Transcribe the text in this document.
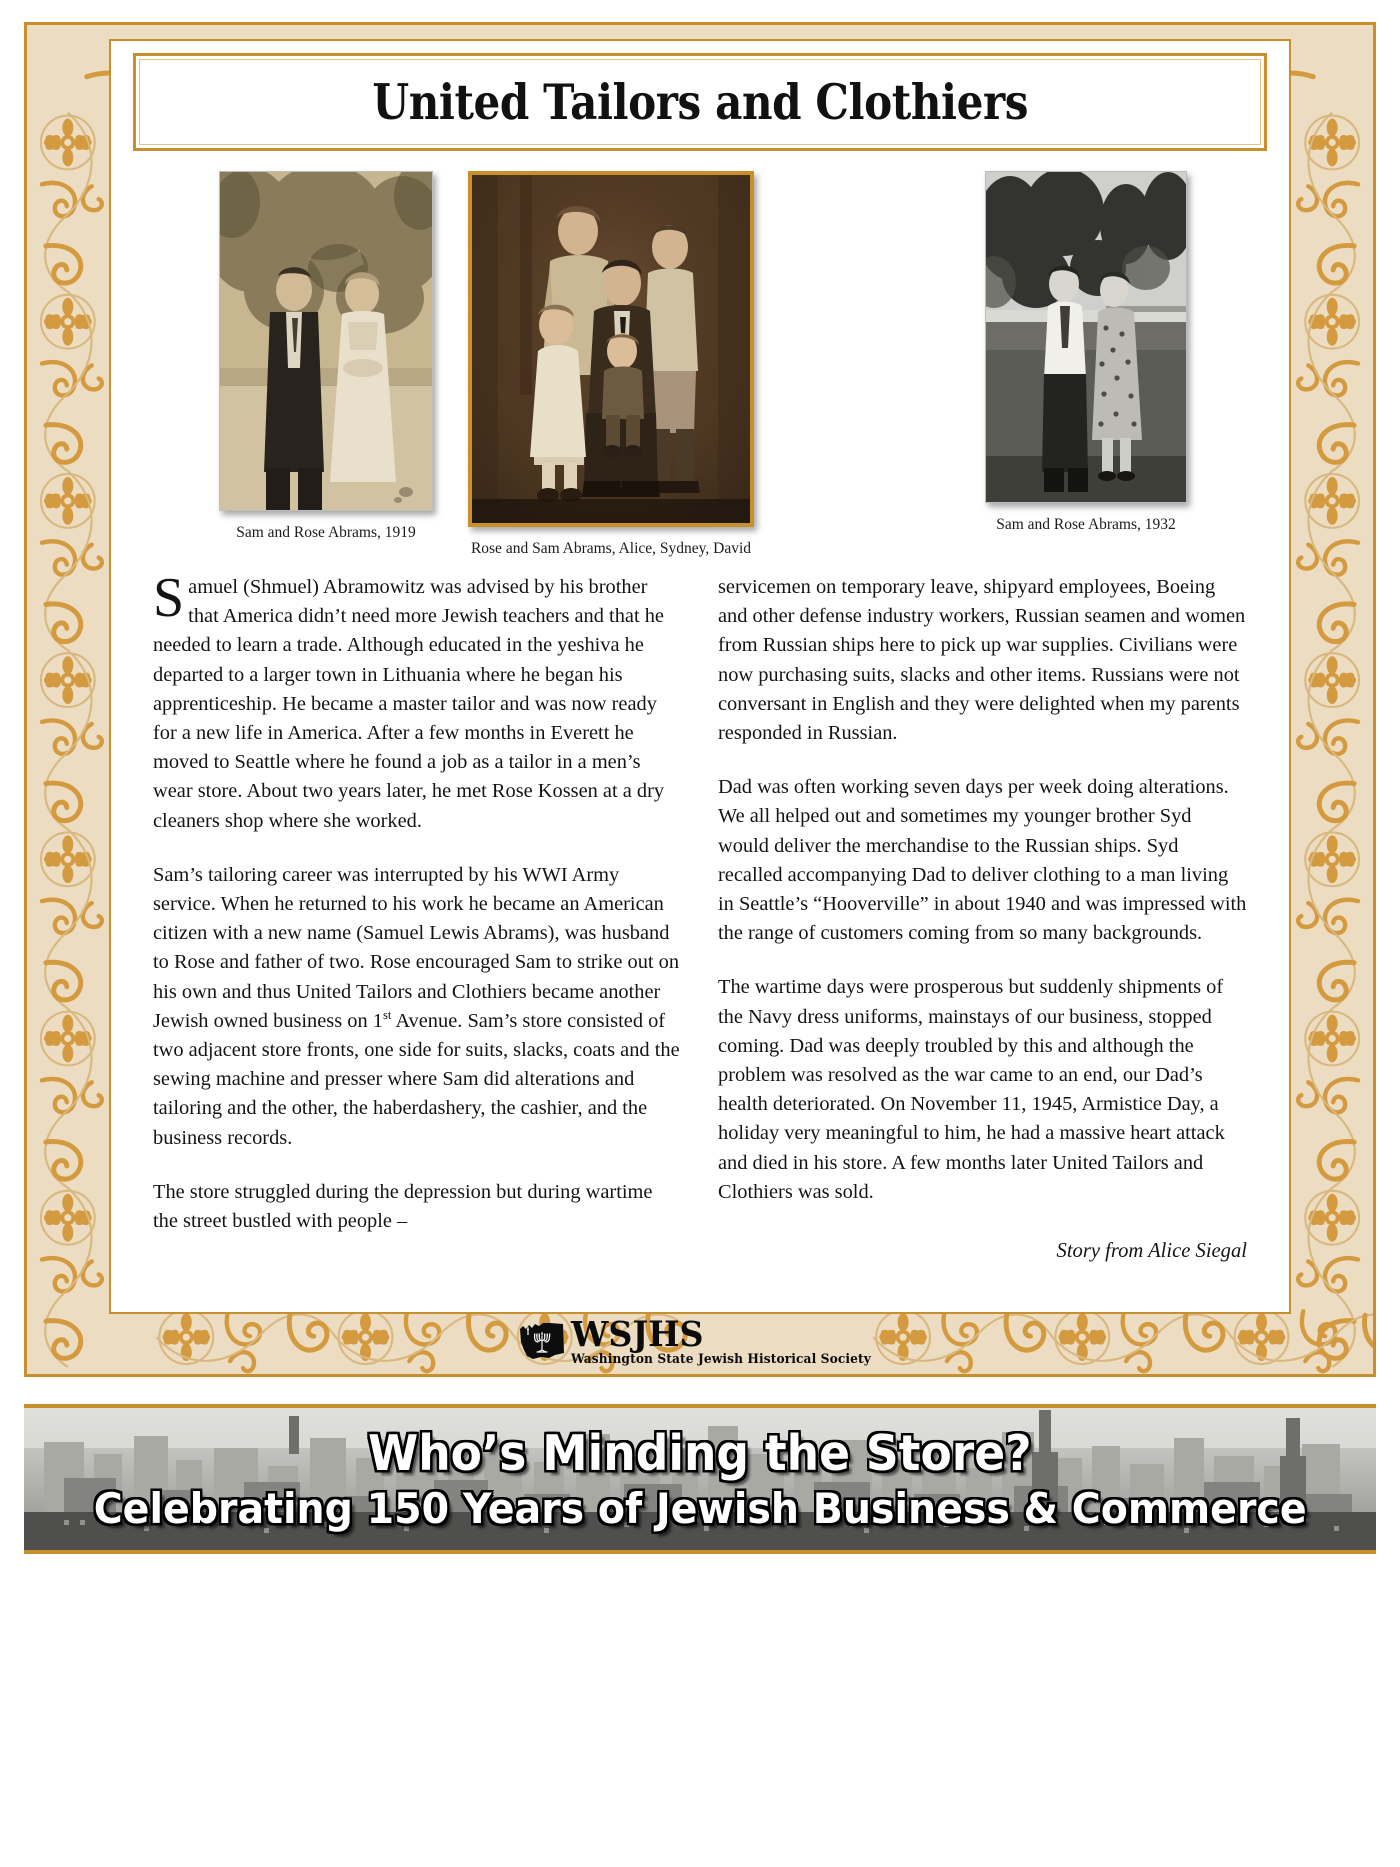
United Tailors and Clothiers
Sam and Rose Abrams, 1919
Rose and Sam Abrams, Alice, Sydney, David
Sam and Rose Abrams, 1932

Samuel (Shmuel) Abramowitz was advised by his brother that America didn’t need more Jewish teachers and that he needed to learn a trade. Although educated in the yeshiva he departed to a larger town in Lithuania where he began his apprenticeship. He became a master tailor and was now ready for a new life in America. After a few months in Everett he moved to Seattle where he found a job as a tailor in a men’s wear store. About two years later, he met Rose Kossen at a dry cleaners shop where she worked.

Sam’s tailoring career was interrupted by his WWI Army service. When he returned to his work he became an American citizen with a new name (Samuel Lewis Abrams), was husband to Rose and father of two. Rose encouraged Sam to strike out on his own and thus United Tailors and Clothiers became another Jewish owned business on 1st Avenue. Sam’s store consisted of two adjacent store fronts, one side for suits, slacks, coats and the sewing machine and presser where Sam did alterations and tailoring and the other, the haberdashery, the cashier, and the business records.

The store struggled during the depression but during wartime the street bustled with people –

servicemen on temporary leave, shipyard employees, Boeing and other defense industry workers, Russian seamen and women from Russian ships here to pick up war supplies. Civilians were now purchasing suits, slacks and other items. Russians were not conversant in English and they were delighted when my parents responded in Russian.

Dad was often working seven days per week doing alterations. We all helped out and sometimes my younger brother Syd would deliver the merchandise to the Russian ships. Syd recalled accompanying Dad to deliver clothing to a man living in Seattle’s “Hooverville” in about 1940 and was impressed with the range of customers coming from so many backgrounds.

The wartime days were prosperous but suddenly shipments of the Navy dress uniforms, mainstays of our business, stopped coming. Dad was deeply troubled by this and although the problem was resolved as the war came to an end, our Dad’s health deteriorated. On November 11, 1945, Armistice Day, a holiday very meaningful to him, he had a massive heart attack and died in his store. A few months later United Tailors and Clothiers was sold.

Story from Alice Siegal
WSJHS
Washington State Jewish Historical Society
Who’s Minding the Store?
Celebrating 150 Years of Jewish Business & Commerce
